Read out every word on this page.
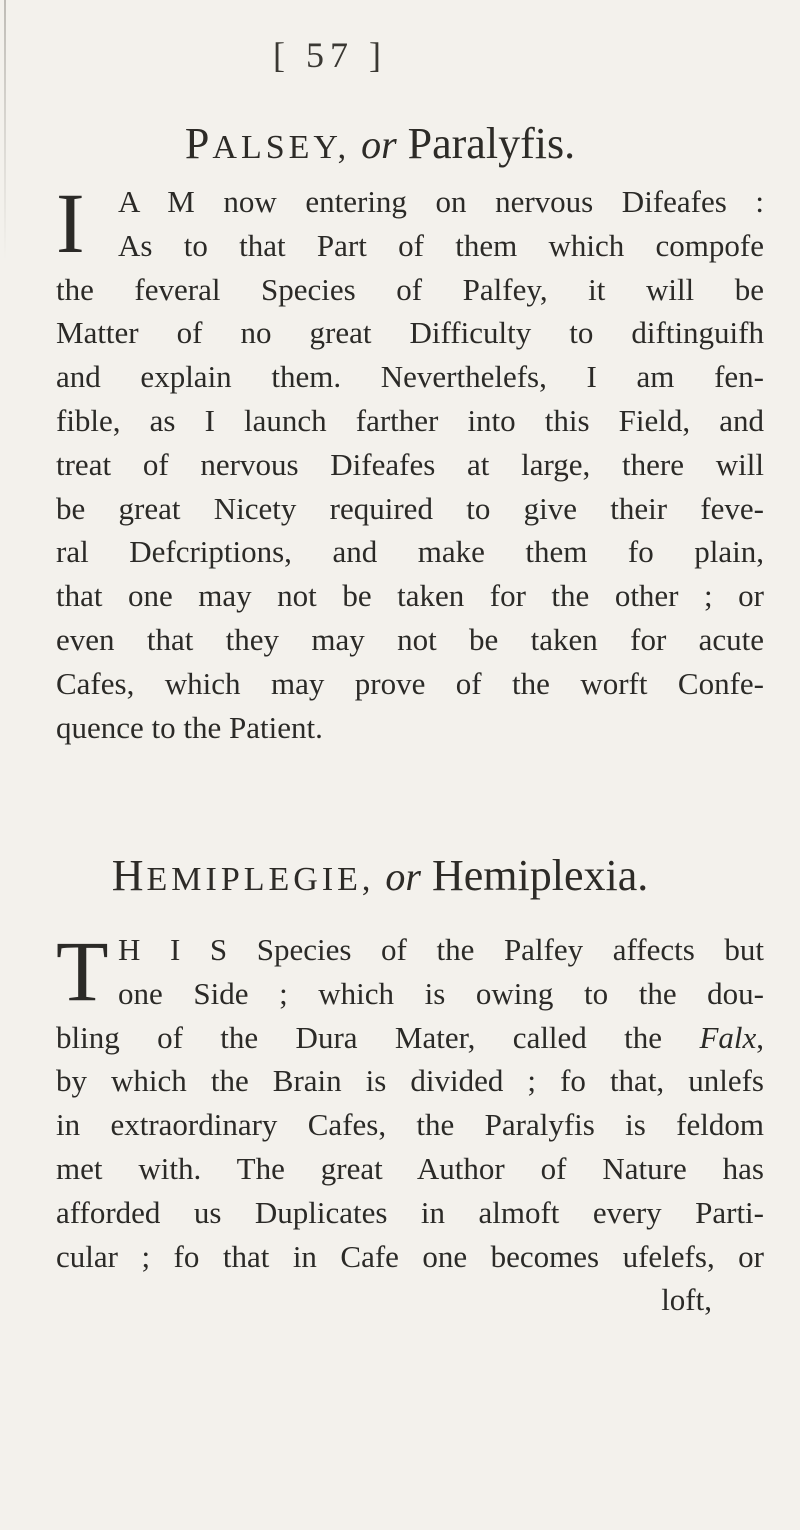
[ 57 ]
PALSEY, or Paralyfis.
I	A M now entering on nervous Difeafes :
As to that Part of them which compofe
the feveral Species of Palfey, it will be
Matter of no great Difficulty to diftinguifh
and explain them. Neverthelefs, I am fen-
fible, as I launch farther into this Field, and
treat of nervous Difeafes at large, there will
be great Nicety required to give their feve-
ral Defcriptions, and make them fo plain,
that one may not be taken for the other ; or
even that they may not be taken for acute
Cafes, which may prove of the worft Confe-
quence to the Patient.
HEMIPLEGIE, or Hemiplexia.
T H I S Species of the Palfey affects but
one Side ; which is owing to the dou-
bling of the Dura Mater, called the Falx,
by which the Brain is divided ; fo that, unlefs
in extraordinary Cafes, the Paralyfis is feldom
met with. The great Author of Nature has
afforded us Duplicates in almoft every Parti-
cular ; fo that in Cafe one becomes ufelefs, or
loft,
